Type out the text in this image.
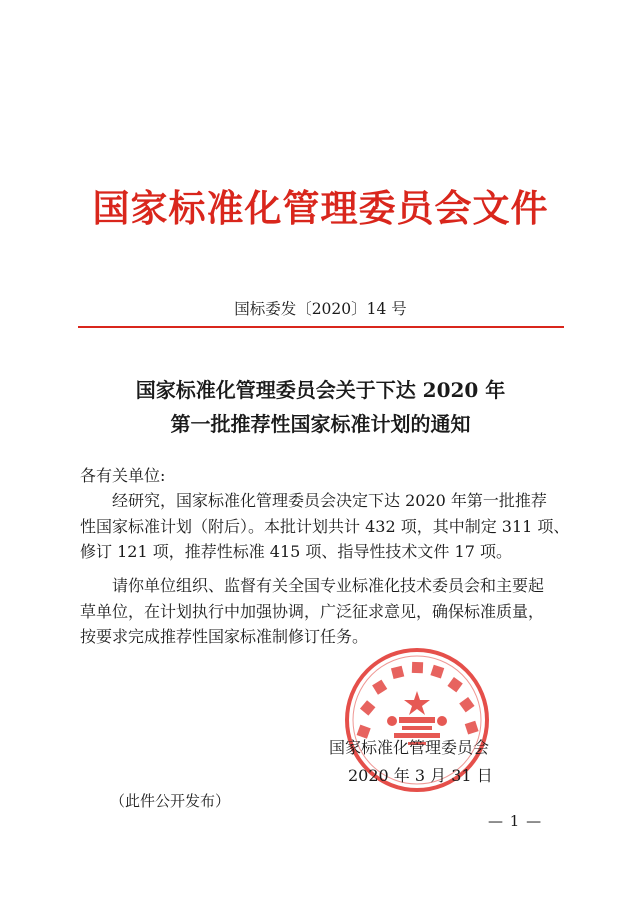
国家标准化管理委员会文件
国标委发〔2020〕14 号
国家标准化管理委员会关于下达 2020 年
第一批推荐性国家标准计划的通知
各有关单位:
经研究，国家标准化管理委员会决定下达 2020 年第一批推荐
性国家标准计划（附后）。本批计划共计 432 项，其中制定 311 项、
修订 121 项，推荐性标准 415 项、指导性技术文件 17 项。
请你单位组织、监督有关全国专业标准化技术委员会和主要起
草单位，在计划执行中加强协调，广泛征求意见，确保标准质量，
按要求完成推荐性国家标准制修订任务。
国家标准化管理委员会
2020 年 3 月 31 日
（此件公开发布）
— 1 —
